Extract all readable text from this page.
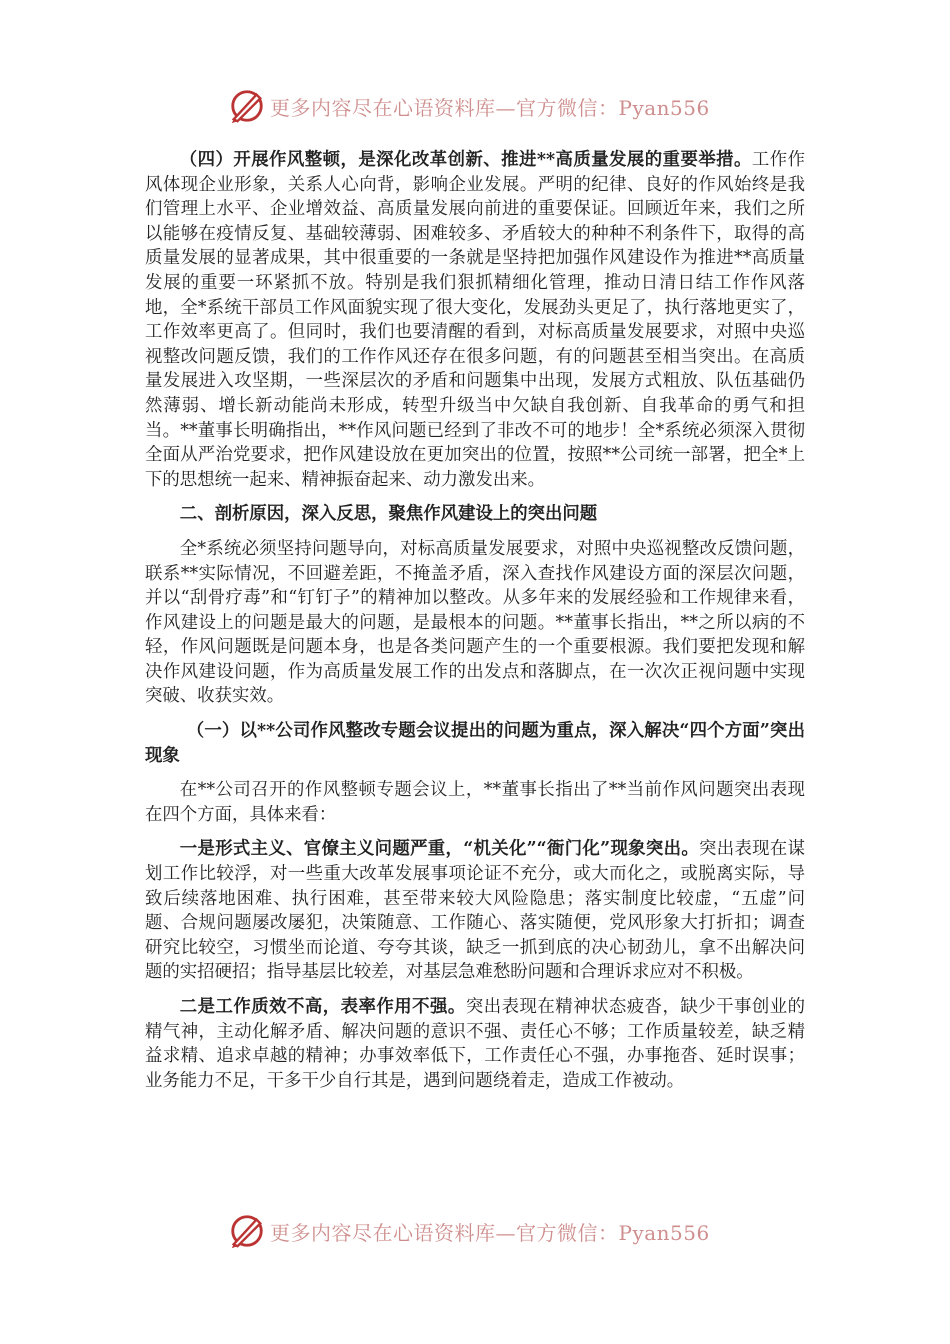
更多内容尽在心语资料库—官方微信：Pyan556

（四）开展作风整顿，是深化改革创新、推进**高质量发展的重要举措。工作作风体现企业形象，关系人心向背，影响企业发展。严明的纪律、良好的作风始终是我们管理上水平、企业增效益、高质量发展向前进的重要保证。回顾近年来，我们之所以能够在疫情反复、基础较薄弱、困难较多、矛盾较大的种种不利条件下，取得的高质量发展的显著成果，其中很重要的一条就是坚持把加强作风建设作为推进**高质量发展的重要一环紧抓不放。特别是我们狠抓精细化管理，推动日清日结工作作风落地，全*系统干部员工作风面貌实现了很大变化，发展劲头更足了，执行落地更实了，工作效率更高了。但同时，我们也要清醒的看到，对标高质量发展要求，对照中央巡视整改问题反馈，我们的工作作风还存在很多问题，有的问题甚至相当突出。在高质量发展进入攻坚期，一些深层次的矛盾和问题集中出现，发展方式粗放、队伍基础仍然薄弱、增长新动能尚未形成，转型升级当中欠缺自我创新、自我革命的勇气和担当。**董事长明确指出，**作风问题已经到了非改不可的地步！全*系统必须深入贯彻全面从严治党要求，把作风建设放在更加突出的位置，按照**公司统一部署，把全*上下的思想统一起来、精神振奋起来、动力激发出来。

二、剖析原因，深入反思，聚焦作风建设上的突出问题

全*系统必须坚持问题导向，对标高质量发展要求，对照中央巡视整改反馈问题，联系**实际情况，不回避差距，不掩盖矛盾，深入查找作风建设方面的深层次问题，并以“刮骨疗毒”和“钉钉子”的精神加以整改。从多年来的发展经验和工作规律来看，作风建设上的问题是最大的问题，是最根本的问题。**董事长指出，**之所以病的不轻，作风问题既是问题本身，也是各类问题产生的一个重要根源。我们要把发现和解决作风建设问题，作为高质量发展工作的出发点和落脚点，在一次次正视问题中实现突破、收获实效。

（一）以**公司作风整改专题会议提出的问题为重点，深入解决“四个方面”突出现象

在**公司召开的作风整顿专题会议上，**董事长指出了**当前作风问题突出表现在四个方面，具体来看：

一是形式主义、官僚主义问题严重，“机关化”“衙门化”现象突出。突出表现在谋划工作比较浮，对一些重大改革发展事项论证不充分，或大而化之，或脱离实际，导致后续落地困难、执行困难，甚至带来较大风险隐患；落实制度比较虚，“五虚”问题、合规问题屡改屡犯，决策随意、工作随心、落实随便，党风形象大打折扣；调查研究比较空，习惯坐而论道、夸夸其谈，缺乏一抓到底的决心韧劲儿，拿不出解决问题的实招硬招；指导基层比较差，对基层急难愁盼问题和合理诉求应对不积极。

二是工作质效不高，表率作用不强。突出表现在精神状态疲沓，缺少干事创业的精气神，主动化解矛盾、解决问题的意识不强、责任心不够；工作质量较差，缺乏精益求精、追求卓越的精神；办事效率低下，工作责任心不强，办事拖沓、延时误事；业务能力不足，干多干少自行其是，遇到问题绕着走，造成工作被动。

更多内容尽在心语资料库—官方微信：Pyan556
